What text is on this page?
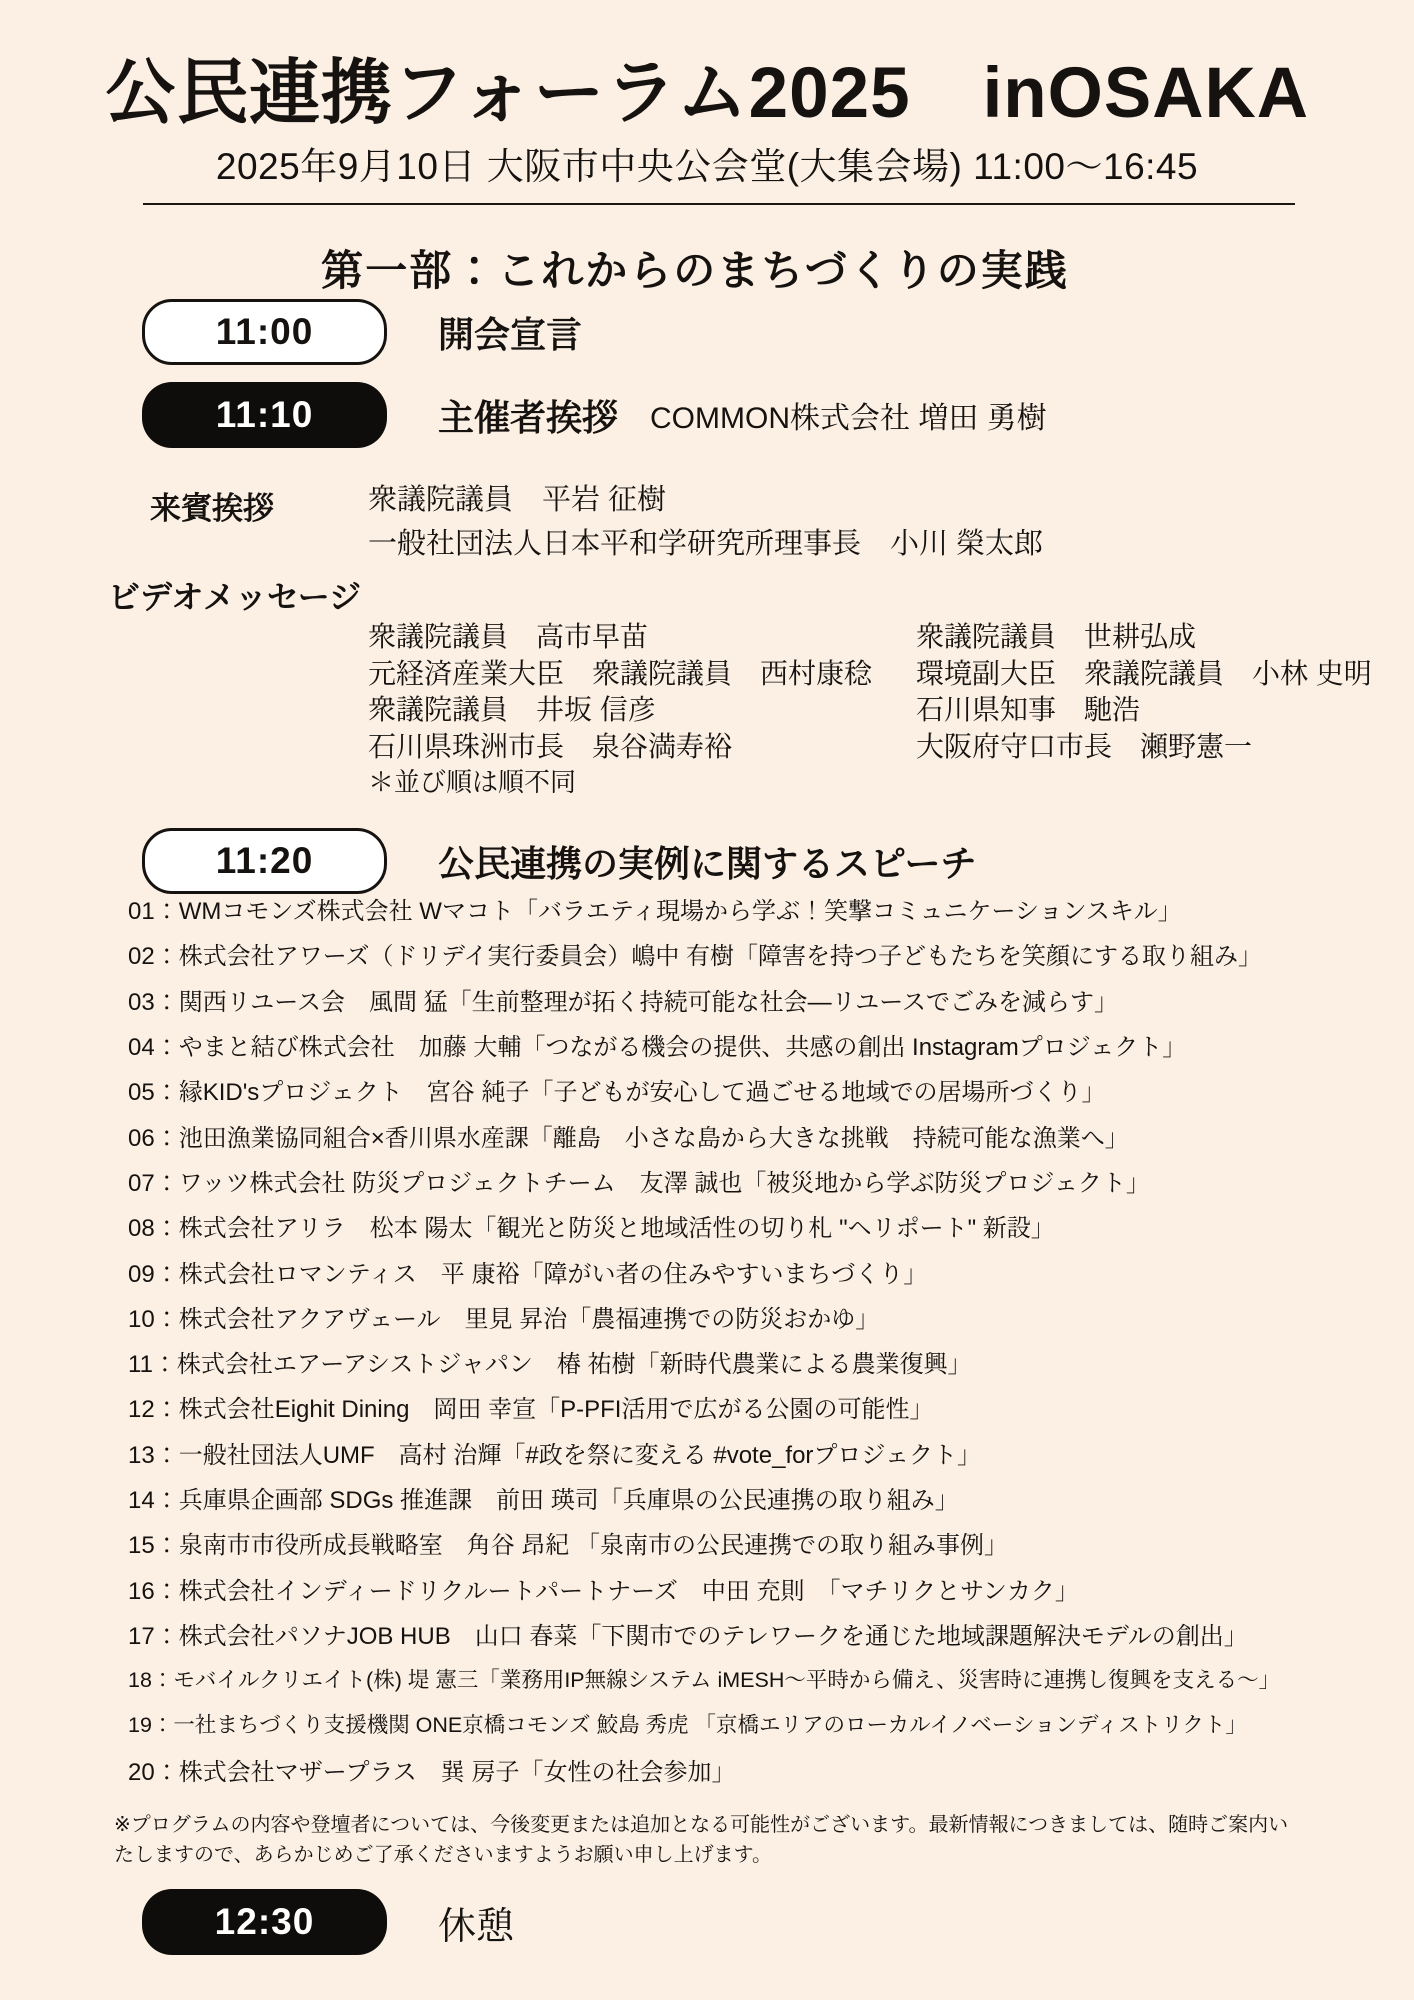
公民連携フォーラム2025　inOSAKA
2025年9月10日 大阪市中央公会堂(大集会場) 11:00〜16:45
第一部：これからのまちづくりの実践
11:00	開会宣言
11:10	主催者挨拶 COMMON株式会社 増田 勇樹
来賓挨拶	衆議院議員　平岩 征樹
一般社団法人日本平和学研究所理事長　小川 榮太郎
ビデオメッセージ
衆議院議員　高市早苗	衆議院議員　世耕弘成
元経済産業大臣　衆議院議員　西村康稔	環境副大臣　衆議院議員　小林 史明
衆議院議員　井坂 信彦	石川県知事　馳浩
石川県珠洲市長　泉谷満寿裕	大阪府守口市長　瀬野憲一
＊並び順は順不同
11:20	公民連携の実例に関するスピーチ
01：WMコモンズ株式会社 Wマコト「バラエティ現場から学ぶ！笑撃コミュニケーションスキル」
02：株式会社アワーズ（ドリデイ実行委員会）嶋中 有樹「障害を持つ子どもたちを笑顔にする取り組み」
03：関西リユース会　風間 猛「生前整理が拓く持続可能な社会―リユースでごみを減らす」
04：やまと結び株式会社　加藤 大輔「つながる機会の提供、共感の創出 Instagramプロジェクト」
05：縁KID'sプロジェクト　宮谷 純子「子どもが安心して過ごせる地域での居場所づくり」
06：池田漁業協同組合×香川県水産課「離島　小さな島から大きな挑戦　持続可能な漁業へ」
07：ワッツ株式会社 防災プロジェクトチーム　友澤 誠也「被災地から学ぶ防災プロジェクト」
08：株式会社アリラ　松本 陽太「観光と防災と地域活性の切り札 "ヘリポート" 新設」
09：株式会社ロマンティス　平 康裕「障がい者の住みやすいまちづくり」
10：株式会社アクアヴェール　里見 昇治「農福連携での防災おかゆ」
11：株式会社エアーアシストジャパン　椿 祐樹「新時代農業による農業復興」
12：株式会社Eighit Dining　岡田 幸宣「P-PFI活用で広がる公園の可能性」
13：一般社団法人UMF　高村 治輝「#政を祭に変える #vote_forプロジェクト」
14：兵庫県企画部 SDGs 推進課　前田 瑛司「兵庫県の公民連携の取り組み」
15：泉南市市役所成長戦略室　角谷 昂紀 「泉南市の公民連携での取り組み事例」
16：株式会社インディードリクルートパートナーズ　中田 充則　「マチリクとサンカク」
17：株式会社パソナJOB HUB　山口 春菜「下関市でのテレワークを通じた地域課題解決モデルの創出」
18：モバイルクリエイト(株) 堤 憲三「業務用IP無線システム iMESH〜平時から備え、災害時に連携し復興を支える〜」
19：一社まちづくり支援機関 ONE京橋コモンズ 鮫島 秀虎 「京橋エリアのローカルイノベーションディストリクト」
20：株式会社マザープラス　巽 房子「女性の社会参加」
※プログラムの内容や登壇者については、今後変更または追加となる可能性がございます。最新情報につきましては、随時ご案内いたしますので、あらかじめご了承くださいますようお願い申し上げます。
12:30	休憩
